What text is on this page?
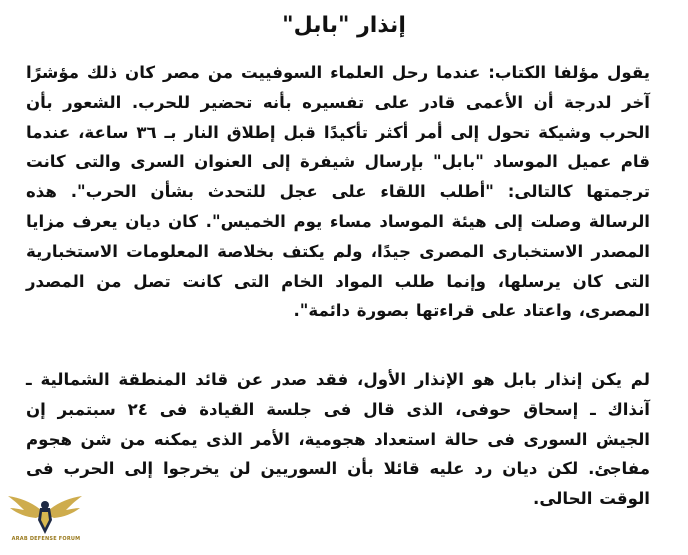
إنذار "بابل"

يقول مؤلفا الكتاب: عندما رحل العلماء السوفييت من مصر كان ذلك مؤشرًا آخر لدرجة أن الأعمى قادر على تفسيره بأنه تحضير للحرب. الشعور بأن الحرب وشيكة تحول إلى أمر أكثر تأكيدًا قبل إطلاق النار بـ ٣٦ ساعة، عندما قام عميل الموساد "بابل" بإرسال شيفرة إلى العنوان السرى والتى كانت ترجمتها كالتالى: "أطلب اللقاء على عجل للتحدث بشأن الحرب". هذه الرسالة وصلت إلى هيئة الموساد مساء يوم الخميس". كان ديان يعرف مزايا المصدر الاستخبارى المصرى جيدًا، ولم يكتف بخلاصة المعلومات الاستخبارية التى كان يرسلها، وإنما طلب المواد الخام التى كانت تصل من المصدر المصرى، واعتاد على قراءتها بصورة دائمة".

لم يكن إنذار بابل هو الإنذار الأول، فقد صدر عن قائد المنطقة الشمالية ـ آنذاك ـ إسحاق حوفى، الذى قال فى جلسة القيادة فى ٢٤ سبتمبر إن الجيش السورى فى حالة استعداد هجومية، الأمر الذى يمكنه من شن هجوم مفاجئ. لكن ديان رد عليه قائلا بأن السوريين لن يخرجوا إلى الحرب فى الوقت الحالى.

ARAB DEFENSE FORUM
